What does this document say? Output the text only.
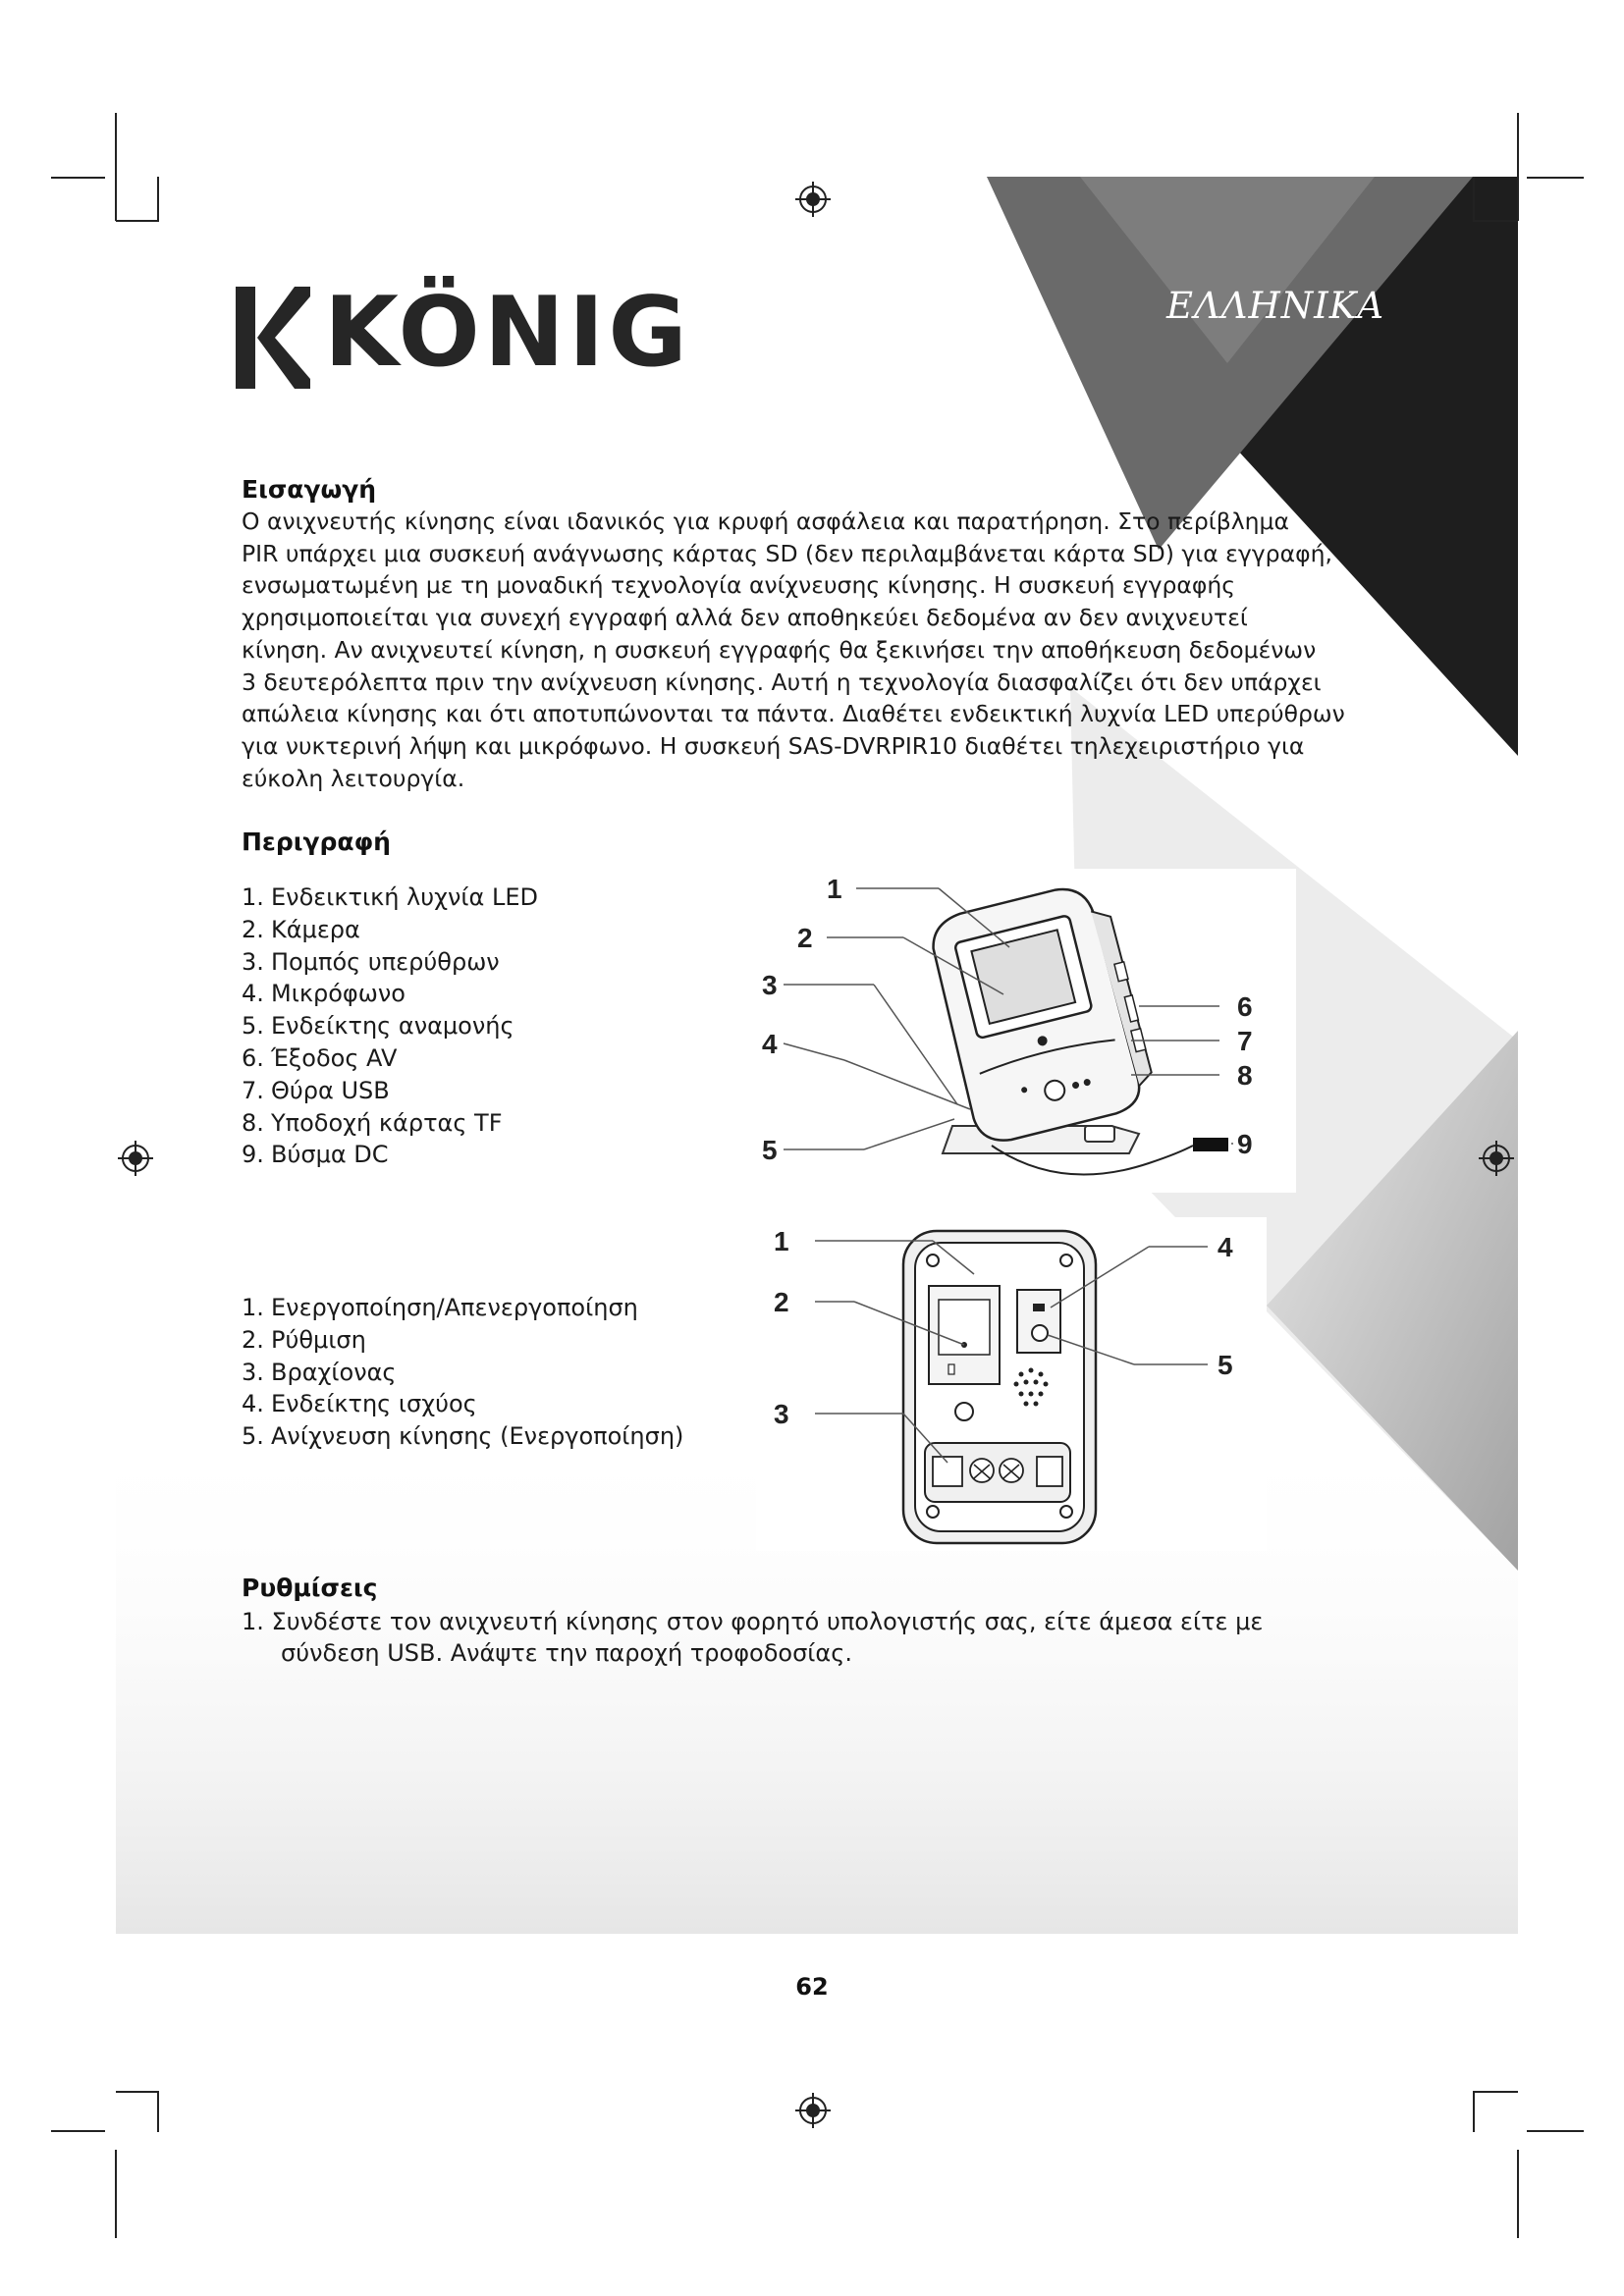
KÖNIG	ΕΛΛΗΝΙΚΑ
Εισαγωγή
Ο ανιχνευτής κίνησης είναι ιδανικός για κρυφή ασφάλεια και παρατήρηση. Στο περίβλημα
PIR υπάρχει μια συσκευή ανάγνωσης κάρτας SD (δεν περιλαμβάνεται κάρτα SD) για εγγραφή,
ενσωματωμένη με τη μοναδική τεχνολογία ανίχνευσης κίνησης. Η συσκευή εγγραφής
χρησιμοποιείται για συνεχή εγγραφή αλλά δεν αποθηκεύει δεδομένα αν δεν ανιχνευτεί
κίνηση. Αν ανιχνευτεί κίνηση, η συσκευή εγγραφής θα ξεκινήσει την αποθήκευση δεδομένων
3 δευτερόλεπτα πριν την ανίχνευση κίνησης. Αυτή η τεχνολογία διασφαλίζει ότι δεν υπάρχει
απώλεια κίνησης και ότι αποτυπώνονται τα πάντα. Διαθέτει ενδεικτική λυχνία LED υπερύθρων
για νυκτερινή λήψη και μικρόφωνο. Η συσκευή SAS-DVRPIR10 διαθέτει τηλεχειριστήριο για
εύκολη λειτουργία.
Περιγραφή
1. Ενδεικτική λυχνία LED
2. Κάμερα
3. Πομπός υπερύθρων
4. Μικρόφωνο
5. Ενδείκτης αναμονής
6. Έξοδος AV
7. Θύρα USB
8. Υποδοχή κάρτας TF
9. Βύσμα DC
1. Ενεργοποίηση/Απενεργοποίηση
2. Ρύθμιση
3. Βραχίονας
4. Ενδείκτης ισχύος
5. Ανίχνευση κίνησης (Ενεργοποίηση)
1
2
3
4
5
6
7
8
9
1
2
3
4
5
Ρυθμίσεις
1. Συνδέστε τον ανιχνευτή κίνησης στον φορητό υπολογιστής σας, είτε άμεσα είτε με
σύνδεση USB. Ανάψτε την παροχή τροφοδοσίας.
62
